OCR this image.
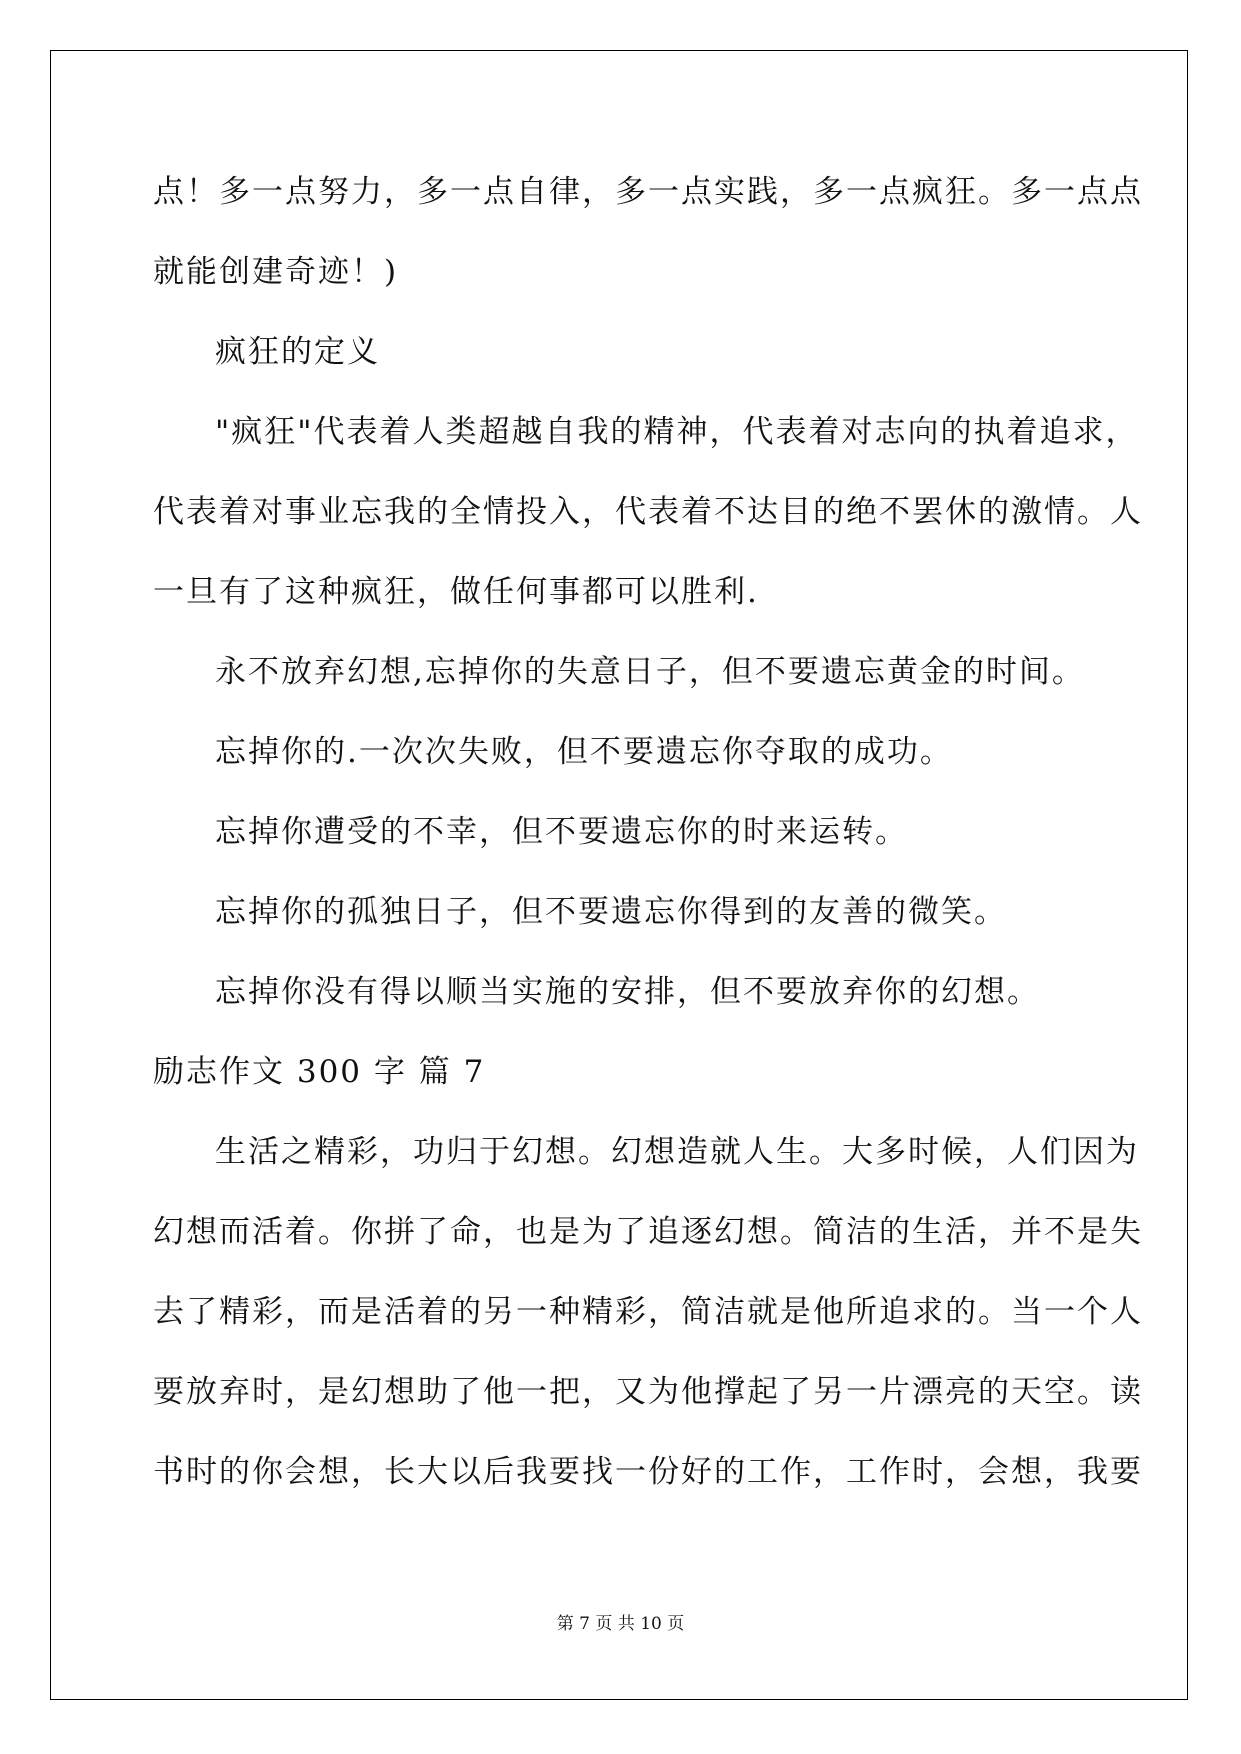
点！多一点努力，多一点自律，多一点实践，多一点疯狂。多一点点
就能创建奇迹！)
疯狂的定义
"疯狂"代表着人类超越自我的精神，代表着对志向的执着追求，
代表着对事业忘我的全情投入，代表着不达目的绝不罢休的激情。人
一旦有了这种疯狂，做任何事都可以胜利.
永不放弃幻想,忘掉你的失意日子，但不要遗忘黄金的时间。
忘掉你的.一次次失败，但不要遗忘你夺取的成功。
忘掉你遭受的不幸，但不要遗忘你的时来运转。
忘掉你的孤独日子，但不要遗忘你得到的友善的微笑。
忘掉你没有得以顺当实施的安排，但不要放弃你的幻想。
励志作文 300 字 篇 7
生活之精彩，功归于幻想。幻想造就人生。大多时候，人们因为
幻想而活着。你拼了命，也是为了追逐幻想。简洁的生活，并不是失
去了精彩，而是活着的另一种精彩，简洁就是他所追求的。当一个人
要放弃时，是幻想助了他一把，又为他撑起了另一片漂亮的天空。读
书时的你会想，长大以后我要找一份好的工作，工作时，会想，我要
第 7 页 共 10 页
